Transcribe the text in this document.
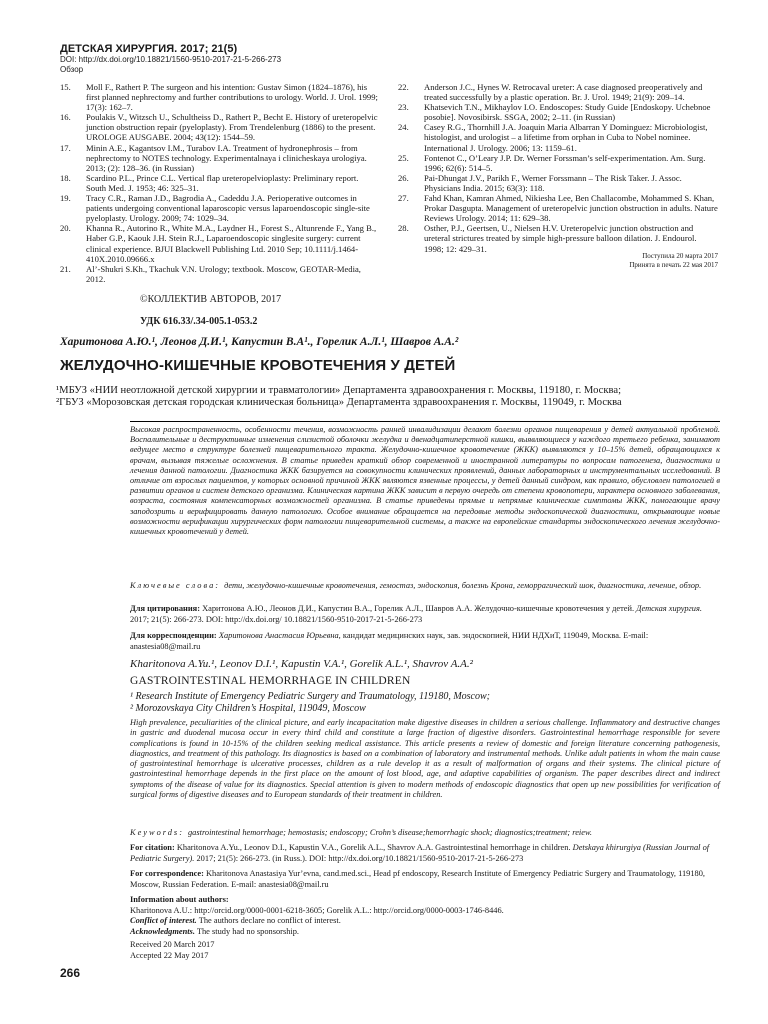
ДЕТСКАЯ ХИРУРГИЯ. 2017; 21(5)
DOI: http://dx.doi.org/10.18821/1560-9510-2017-21-5-266-273
Обзор
15. Moll F., Rathert P. The surgeon and his intention: Gustav Simon (1824–1876), his first planned nephrectomy and further contributions to urology. World. J. Urol. 1999; 17(3): 162–7.
16. Poulakis V., Witzsch U., Schultheiss D., Rathert P., Becht E. History of ureteropelvic junction obstruction repair (pyeloplasty). From Trendelenburg (1886) to the present. UROLOGE AUSGABE. 2004; 43(12): 1544–59.
17. Minin A.E., Kagantsov I.M., Turabov I.A. Treatment of hydronephrosis – from nephrectomy to NOTES technology. Experimentalnaya i clinicheskaya urologiya. 2013; (2): 128–36. (in Russian)
18. Scardino P.L., Prince C.L. Vertical flap ureteropelvioplasty: Preliminary report. South Med. J. 1953; 46: 325–31.
19. Tracy C.R., Raman J.D., Bagrodia A., Cadeddu J.A. Perioperative outcomes in patients undergoing conventional laparoscopic versus laparoendoscopic single-site pyeloplasty. Urology. 2009; 74: 1029–34.
20. Khanna R., Autorino R., White M.A., Laydner H., Forest S., Altunrende F., Yang B., Haber G.P., Kaouk J.H. Stein R.J., Laparoendoscopic singlesite surgery: current clinical experience. BJUI Blackwell Publishing Ltd. 2010 Sep; 10.1111/j.1464-410X.2010.09666.x
21. Al’-Shukri S.Kh., Tkachuk V.N. Urology; textbook. Moscow, GEOTAR-Media, 2012.
22. Anderson J.C., Hynes W. Retrocaval ureter: A case diagnosed preoperatively and treated successfully by a plastic operation. Br. J. Urol. 1949; 21(9): 209–14.
23. Khatsevich T.N., Mikhaylov I.O. Endoscopes: Study Guide [Endoskopy. Uchebnoe posobie]. Novosibirsk. SSGA, 2002; 2–11. (in Russian)
24. Casey R.G., Thornhill J.A. Joaquin Maria Albarran Y Dominguez: Microbiologist, histologist, and urologist – a lifetime from orphan in Cuba to Nobel nominee. International J. Urology. 2006; 13: 1159–61.
25. Fontenot C., O’Leary J.P. Dr. Werner Forssman’s self-experimentation. Am. Surg. 1996; 62(6): 514–5.
26. Pai-Dhungat J.V., Parikh F., Werner Forssmann – The Risk Taker. J. Assoc. Physicians India. 2015; 63(3): 118.
27. Fahd Khan, Kamran Ahmed, Nikiesha Lee, Ben Challacombe, Mohammed S. Khan, Prokar Dasgupta. Management of ureteropelvic junction obstruction in adults. Nature Reviews Urology. 2014; 11: 629–38.
28. Osther, P.J., Geertsen, U., Nielsen H.V. Ureteropelvic junction obstruction and ureteral strictures treated by simple high-pressure balloon dilation. J. Endourol. 1998; 12: 429–31.
Поступила 20 марта 2017
Принята в печать 22 мая 2017
©КОЛЛЕКТИВ АВТОРОВ, 2017
УДК 616.33/.34-005.1-053.2
Харитонова А.Ю.¹, Леонов Д.И.¹, Капустин В.А¹., Горелик А.Л.¹, Шавров А.А.²
ЖЕЛУДОЧНО-КИШЕЧНЫЕ КРОВОТЕЧЕНИЯ У ДЕТЕЙ
¹МБУЗ «НИИ неотложной детской хирургии и травматологии» Департамента здравоохранения г. Москвы, 119180, г. Москва;
²ГБУЗ «Морозовская детская городская клиническая больница» Департамента здравоохранения г. Москвы, 119049, г. Москва
Высокая распространенность, особенности течения, возможность ранней инвалидизации делают болезни органов пищеварения у детей актуальной проблемой. Воспалительные и деструктивные изменения слизистой оболочки желудка и двенадцатиперстной кишки, выявляющиеся у каждого третьего ребенка, занимают ведущее место в структуре болезней пищеварительного тракта. Желудочно-кишечное кровотечение (ЖКК) выявляются у 10–15% детей, обращающихся к врачам, вызывая тяжелые осложнения. В статье приведен краткий обзор современной и иностранной литературы по вопросам патогенеза, диагностики и лечения данной патологии. Диагностика ЖКК базируется на совокупности клинических проявлений, данных лабораторных и инструментальных исследований. В отличие от взрослых пациентов, у которых основной причиной ЖКК являются язвенные процессы, у детей данный синдром, как правило, обусловлен патологией в развитии органов и систем детского организма. Клиническая картина ЖКК зависит в первую очередь от степени кровопотери, характера основного заболевания, возраста, состояния компенсаторных возможностей организма. В статье приведены прямые и непрямые клинические симптомы ЖКК, помогающие врачу заподозрить и верифицировать данную патологию. Особое внимание обращается на передовые методы эндоскопической диагностики, открывающие новые возможности верификации хирургических форм патологии пищеварительной системы, а также на европейские стандарты эндоскопического лечения желудочно-кишечных кровотечений у детей.
Ключевые слова: дети, желудочно-кишечные кровотечения, гемостаз, эндоскопия, болезнь Крона, геморрагический шок, диагностика, лечение, обзор.
Для цитирования: Харитонова А.Ю., Леонов Д.И., Капустин В.А., Горелик А.Л., Шавров А.А. Желудочно-кишечные кровотечения у детей. Детская хирургия. 2017; 21(5): 266-273. DOI: http://dx.doi.org/ 10.18821/1560-9510-2017-21-5-266-273
Для корреспонденции: Харитонова Анастасия Юрьевна, кандидат медицинских наук, зав. эндоскопией, НИИ НДХиТ, 119049, Москва. E-mail: anastesia08@mail.ru
Kharitonova A.Yu.¹, Leonov D.I.¹, Kapustin V.A.¹, Gorelik A.L.¹, Shavrov A.A.²
GASTROINTESTINAL HEMORRHAGE IN CHILDREN
¹ Research Institute of Emergency Pediatric Surgery and Traumatology, 119180, Moscow;
² Morozovskaya City Children’s Hospital, 119049, Moscow
High prevalence, peculiarities of the clinical picture, and early incapacitation make digestive diseases in children a serious challenge. Inflammatory and destructive changes in gastric and duodenal mucosa occur in every third child and constitute a large fraction of digestive disorders. Gastrointestinal hemorrhage responsible for severe complications is found in 10-15% of the children seeking medical assistance. This article presents a review of domestic and foreign literature concerning pathogenesis, diagnostics, and treatment of this pathology. Its diagnostics is based on a combination of laboratory and instrumental methods. Unlike adult patients in whom the main cause of gastrointestinal hemorrhage is ulcerative processes, children as a rule develop it as a result of malformation of organs and their systems. The clinical picture of gastrointestinal hemorrhage depends in the first place on the amount of lost blood, age, and adaptive capabilities of organism. The paper describes direct and indirect symptoms of the disease of value for its diagnostics. Special attention is given to modern methods of endoscopic diagnostics that open up new possibilities for verification of surgical forms of digestive diseases and to European standards of their treatment in children.
Keywords: gastrointestinal hemorrhage; hemostasis; endoscopy; Crohn’s disease;hemorrhagic shock; diagnostics;treatment; reiew.
For citation: Kharitonova A.Yu., Leonov D.I., Kapustin V.A., Gorelik A.L., Shavrov A.A. Gastrointestinal hemorrhage in children. Detskaya khirurgiya (Russian Journal of Pediatric Surgery). 2017; 21(5): 266-273. (in Russ.). DOI: http://dx.doi.org/10.18821/1560-9510-2017-21-5-266-273
For correspondence: Kharitonova Anastasiya Yur’evna, cand.med.sci., Head pf endoscopy, Research Institute of Emergency Pediatric Surgery and Traumatology, 119180, Moscow, Russian Federation. E-mail: anastesia08@mail.ru
Information about authors:
Kharitonova A.U.: http://orcid.org/0000-0001-6218-3605; Gorelik A.L.: http://orcid.org/0000-0003-1746-8446.
Conflict of interest. The authors declare no conflict of interest.
Acknowledgments. The study had no sponsorship.
Received 20 March 2017
Accepted 22 May 2017
266
